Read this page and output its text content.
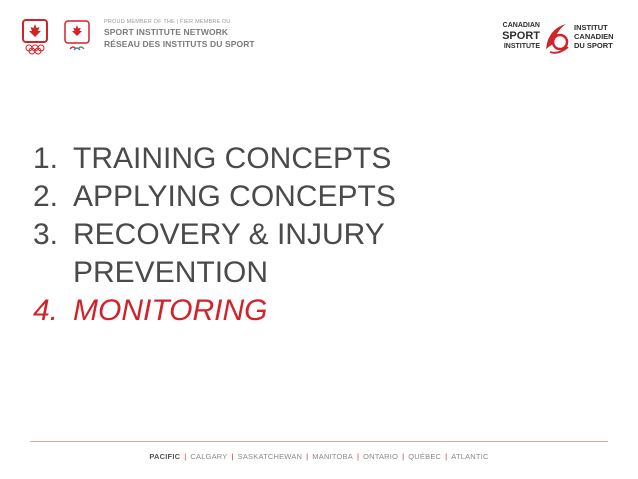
PROUD MEMBER OF THE | FIER MEMBRE DU
SPORT INSTITUTE NETWORK
RÉSEAU DES INSTITUTS DU SPORT
CANADIAN
SPORT
INSTITUTE
INSTITUT
CANADIEN
DU SPORT
1. TRAINING CONCEPTS
2. APPLYING CONCEPTS
3. RECOVERY & INJURY PREVENTION
4. MONITORING
PACIFIC | CALGARY | SASKATCHEWAN | MANITOBA | ONTARIO | QUÉBEC | ATLANTIC
